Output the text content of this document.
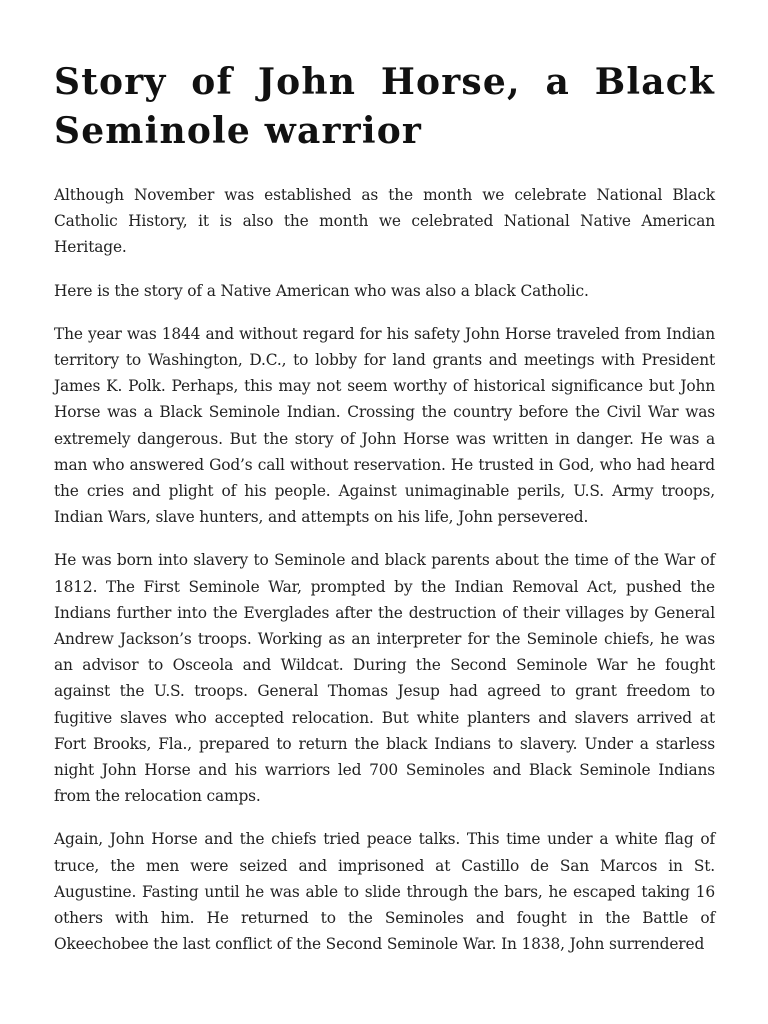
Story of John Horse, a Black Seminole warrior

Although November was established as the month we celebrate National Black Catholic History, it is also the month we celebrated National Native American Heritage.

Here is the story of a Native American who was also a black Catholic.

The year was 1844 and without regard for his safety John Horse traveled from Indian territory to Washington, D.C., to lobby for land grants and meetings with President James K. Polk. Perhaps, this may not seem worthy of historical significance but John Horse was a Black Seminole Indian. Crossing the country before the Civil War was extremely dangerous. But the story of John Horse was written in danger. He was a man who answered God’s call without reservation. He trusted in God, who had heard the cries and plight of his people. Against unimaginable perils, U.S. Army troops, Indian Wars, slave hunters, and attempts on his life, John persevered.

He was born into slavery to Seminole and black parents about the time of the War of 1812. The First Seminole War, prompted by the Indian Removal Act, pushed the Indians further into the Everglades after the destruction of their villages by General Andrew Jackson’s troops. Working as an interpreter for the Seminole chiefs, he was an advisor to Osceola and Wildcat. During the Second Seminole War he fought against the U.S. troops. General Thomas Jesup had agreed to grant freedom to fugitive slaves who accepted relocation. But white planters and slavers arrived at Fort Brooks, Fla., prepared to return the black Indians to slavery. Under a starless night John Horse and his warriors led 700 Seminoles and Black Seminole Indians from the relocation camps.

Again, John Horse and the chiefs tried peace talks. This time under a white flag of truce, the men were seized and imprisoned at Castillo de San Marcos in St. Augustine. Fasting until he was able to slide through the bars, he escaped taking 16 others with him. He returned to the Seminoles and fought in the Battle of Okeechobee the last conflict of the Second Seminole War. In 1838, John surrendered
